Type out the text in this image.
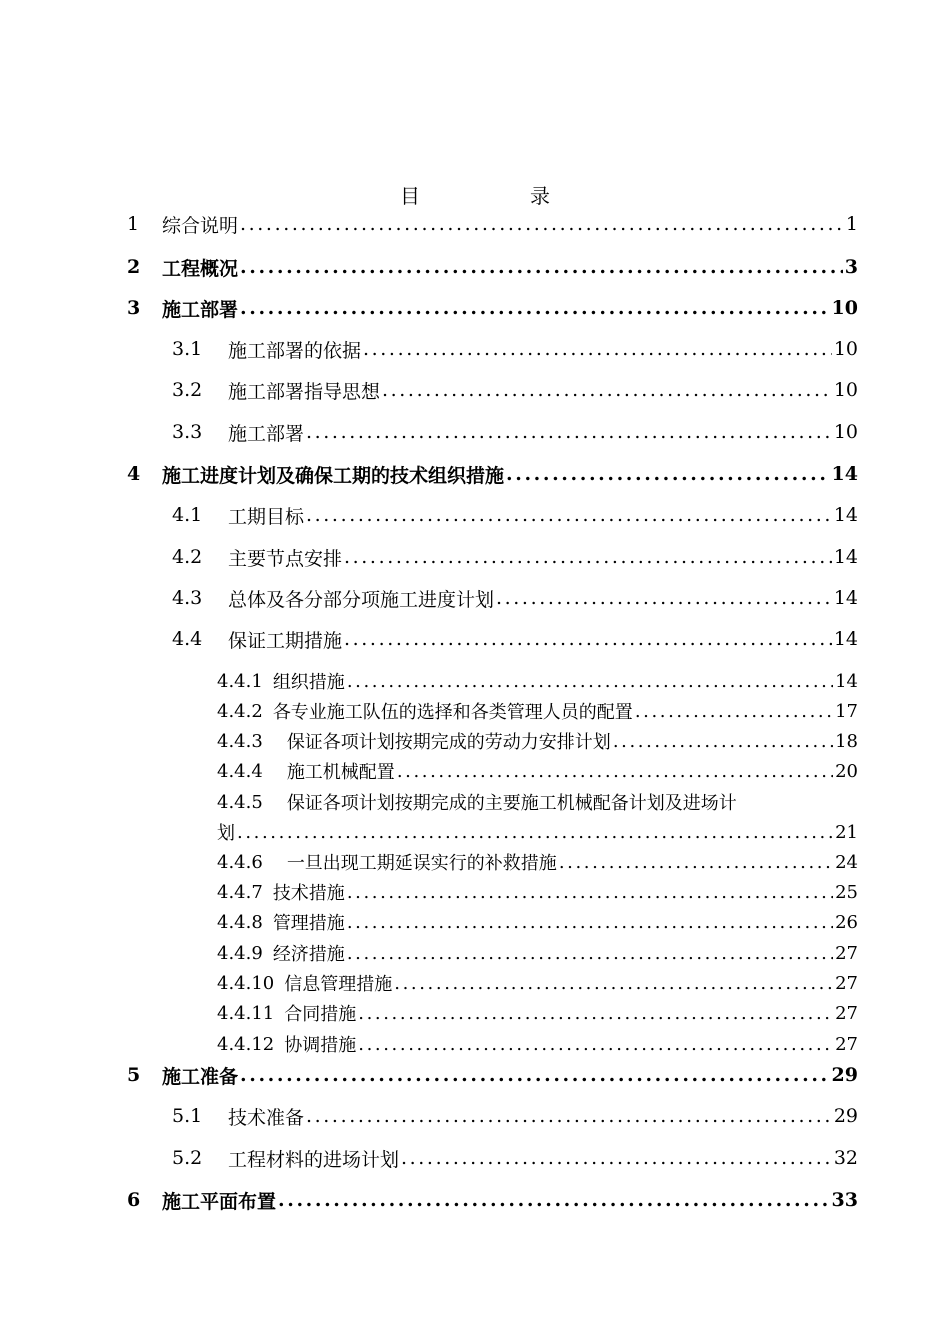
目	录
1	综合说明 .....	1
2	工程概况 .....	3
3	施工部署 .....	10
3.1	施工部署的依据 .....	10
3.2	施工部署指导思想 .....	10
3.3	施工部署 .....	10
4	施工进度计划及确保工期的技术组织措施 .....	14
4.1	工期目标 .....	14
4.2	主要节点安排 .....	14
4.3	总体及各分部分项施工进度计划 .....	14
4.4	保证工期措施 .....	14
4.4.1 组织措施 .....	14
4.4.2 各专业施工队伍的选择和各类管理人员的配置 .....	17
4.4.3 保证各项计划按期完成的劳动力安排计划 .....	18
4.4.4 施工机械配置 .....	20
4.4.5 保证各项计划按期完成的主要施工机械配备计划及进场计
划 .....	21
4.4.6 一旦出现工期延误实行的补救措施 .....	24
4.4.7 技术措施 .....	25
4.4.8 管理措施 .....	26
4.4.9 经济措施 .....	27
4.4.10 信息管理措施 .....	27
4.4.11 合同措施 .....	27
4.4.12 协调措施 .....	27
5	施工准备 .....	29
5.1	技术准备 .....	29
5.2	工程材料的进场计划 .....	32
6	施工平面布置 .....	33
